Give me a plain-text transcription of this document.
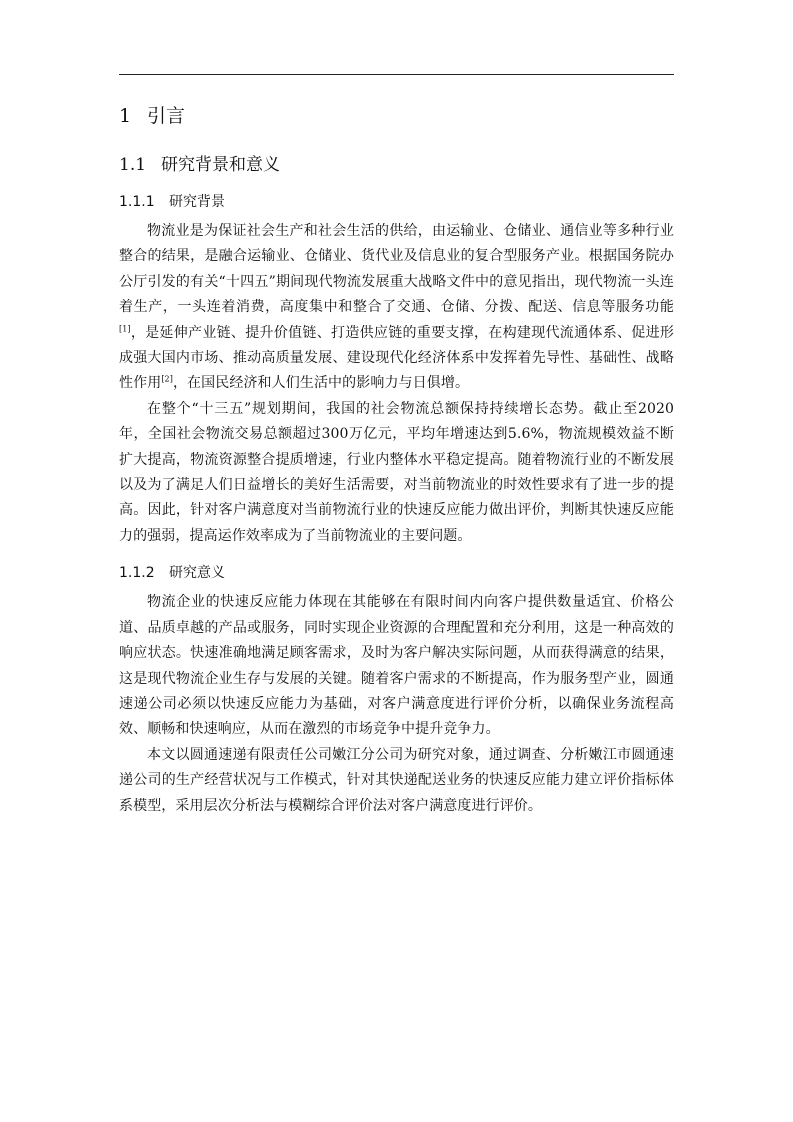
1 引言
1.1 研究背景和意义
1.1.1	研究背景

物流业是为保证社会生产和社会生活的供给，由运输业、仓储业、通信业等多种行业整合的结果，是融合运输业、仓储业、货代业及信息业的复合型服务产业。根据国务院办公厅引发的有关“十四五”期间现代物流发展重大战略文件中的意见指出，现代物流一头连着生产，一头连着消费，高度集中和整合了交通、仓储、分拨、配送、信息等服务功能[1]，是延伸产业链、提升价值链、打造供应链的重要支撑，在构建现代流通体系、促进形成强大国内市场、推动高质量发展、建设现代化经济体系中发挥着先导性、基础性、战略性作用[2]，在国民经济和人们生活中的影响力与日俱增。

在整个“十三五”规划期间，我国的社会物流总额保持持续增长态势。截止至2020年，全国社会物流交易总额超过300万亿元，平均年增速达到5.6%，物流规模效益不断扩大提高，物流资源整合提质增速，行业内整体水平稳定提高。随着物流行业的不断发展以及为了满足人们日益增长的美好生活需要，对当前物流业的时效性要求有了进一步的提高。因此，针对客户满意度对当前物流行业的快速反应能力做出评价，判断其快速反应能力的强弱，提高运作效率成为了当前物流业的主要问题。

1.1.2	研究意义

物流企业的快速反应能力体现在其能够在有限时间内向客户提供数量适宜、价格公道、品质卓越的产品或服务，同时实现企业资源的合理配置和充分利用，这是一种高效的响应状态。快速准确地满足顾客需求，及时为客户解决实际问题，从而获得满意的结果，这是现代物流企业生存与发展的关键。随着客户需求的不断提高，作为服务型产业，圆通速递公司必须以快速反应能力为基础，对客户满意度进行评价分析，以确保业务流程高效、顺畅和快速响应，从而在激烈的市场竞争中提升竞争力。

本文以圆通速递有限责任公司嫩江分公司为研究对象，通过调查、分析嫩江市圆通速递公司的生产经营状况与工作模式，针对其快递配送业务的快速反应能力建立评价指标体系模型，采用层次分析法与模糊综合评价法对客户满意度进行评价。
